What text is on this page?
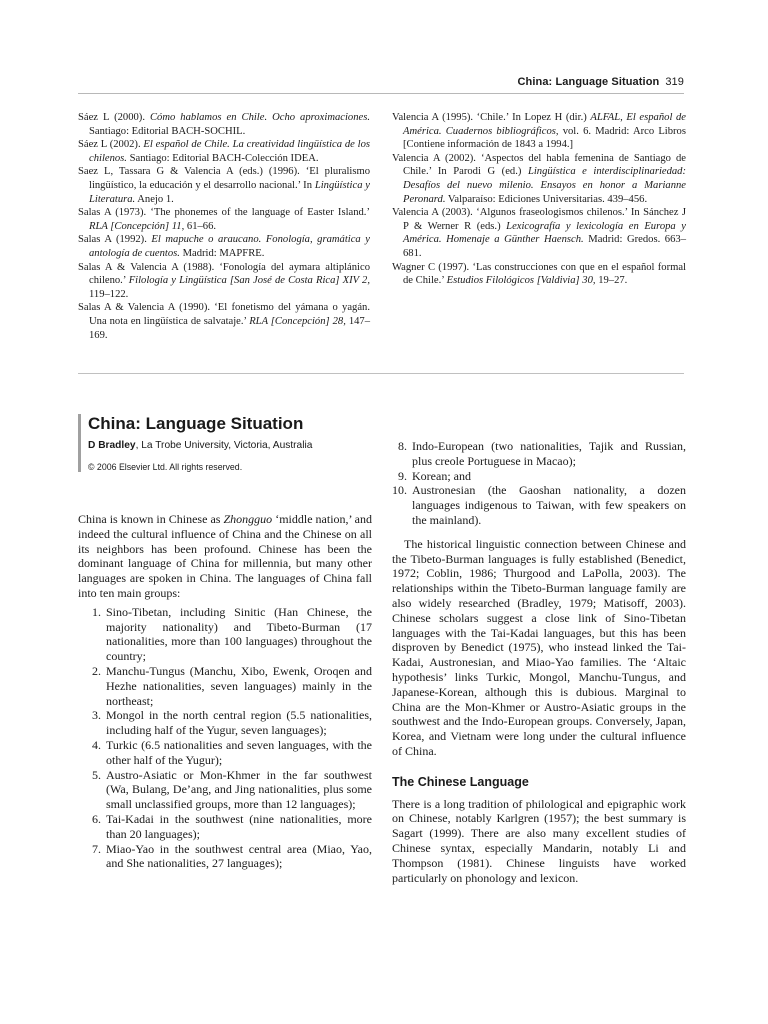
China: Language Situation 319

Sáez L (2000). Cómo hablamos en Chile. Ocho aproximaciones. Santiago: Editorial BACH-SOCHIL.

Sáez L (2002). El español de Chile. La creatividad lingüística de los chilenos. Santiago: Editorial BACH-Colección IDEA.

Saez L, Tassara G & Valencia A (eds.) (1996). ‘El pluralismo lingüístico, la educación y el desarrollo nacional.’ In Lingüística y Literatura. Anejo 1.

Salas A (1973). ‘The phonemes of the language of Easter Island.’ RLA [Concepción] 11, 61–66.

Salas A (1992). El mapuche o araucano. Fonología, gramática y antología de cuentos. Madrid: MAPFRE.

Salas A & Valencia A (1988). ‘Fonología del aymara altiplánico chileno.’ Filología y Lingüística [San José de Costa Rica] XIV 2, 119–122.

Salas A & Valencia A (1990). ‘El fonetismo del yámana o yagán. Una nota en lingüística de salvataje.’ RLA [Concepción] 28, 147–169.

Valencia A (1995). ‘Chile.’ In Lopez H (dir.) ALFAL, El español de América. Cuadernos bibliográficos, vol. 6. Madrid: Arco Libros [Contiene información de 1843 a 1994.]

Valencia A (2002). ‘Aspectos del habla femenina de Santiago de Chile.’ In Parodi G (ed.) Lingüística e interdisciplinariedad: Desafíos del nuevo milenio. Ensayos en honor a Marianne Peronard. Valparaíso: Ediciones Universitarias. 439–456.

Valencia A (2003). ‘Algunos fraseologismos chilenos.’ In Sánchez J P & Werner R (eds.) Lexicografía y lexicología en Europa y América. Homenaje a Günther Haensch. Madrid: Gredos. 663–681.

Wagner C (1997). ‘Las construcciones con que en el español formal de Chile.’ Estudios Filológicos [Valdivia] 30, 19–27.

China: Language Situation

D Bradley, La Trobe University, Victoria, Australia

© 2006 Elsevier Ltd. All rights reserved.

China is known in Chinese as Zhongguo ‘middle nation,’ and indeed the cultural influence of China and the Chinese on all its neighbors has been profound. Chinese has been the dominant language of China for millennia, but many other languages are spoken in China. The languages of China fall into ten main groups:

1. Sino-Tibetan, including Sinitic (Han Chinese, the majority nationality) and Tibeto-Burman (17 nationalities, more than 100 languages) throughout the country;
2. Manchu-Tungus (Manchu, Xibo, Ewenk, Oroqen and Hezhe nationalities, seven languages) mainly in the northeast;
3. Mongol in the north central region (5.5 nationalities, including half of the Yugur, seven languages);
4. Turkic (6.5 nationalities and seven languages, with the other half of the Yugur);
5. Austro-Asiatic or Mon-Khmer in the far southwest (Wa, Bulang, De’ang, and Jing nationalities, plus some small unclassified groups, more than 12 languages);
6. Tai-Kadai in the southwest (nine nationalities, more than 20 languages);
7. Miao-Yao in the southwest central area (Miao, Yao, and She nationalities, 27 languages);
8. Indo-European (two nationalities, Tajik and Russian, plus creole Portuguese in Macao);
9. Korean; and
10. Austronesian (the Gaoshan nationality, a dozen languages indigenous to Taiwan, with few speakers on the mainland).

The historical linguistic connection between Chinese and the Tibeto-Burman languages is fully established (Benedict, 1972; Coblin, 1986; Thurgood and LaPolla, 2003). The relationships within the Tibeto-Burman language family are also widely researched (Bradley, 1979; Matisoff, 2003). Chinese scholars suggest a close link of Sino-Tibetan languages with the Tai-Kadai languages, but this has been disproven by Benedict (1975), who instead linked the Tai-Kadai, Austronesian, and Miao-Yao families. The ‘Altaic hypothesis’ links Turkic, Mongol, Manchu-Tungus, and Japanese-Korean, although this is dubious. Marginal to China are the Mon-Khmer or Austro-Asiatic groups in the southwest and the Indo-European groups. Conversely, Japan, Korea, and Vietnam were long under the cultural influence of China.

The Chinese Language

There is a long tradition of philological and epigraphic work on Chinese, notably Karlgren (1957); the best summary is Sagart (1999). There are also many excellent studies of Chinese syntax, especially Mandarin, notably Li and Thompson (1981). Chinese linguists have worked particularly on phonology and lexicon.
